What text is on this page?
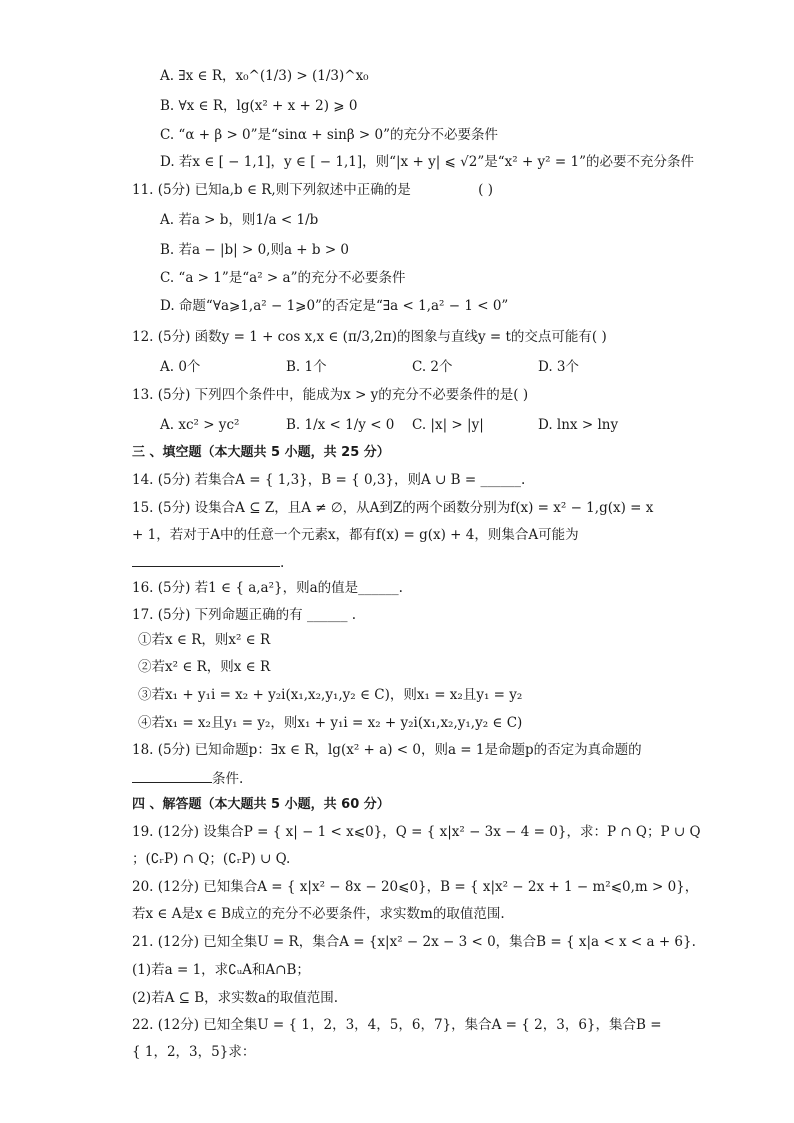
A. ∃x ∈ R，x₀^(1/3) > (1/3)^x₀
B. ∀x ∈ R，lg(x² + x + 2) ⩾ 0
C. “α + β > 0”是“sinα + sinβ > 0”的充分不必要条件
D. 若x ∈ [ − 1,1]，y ∈ [ − 1,1]，则“|x + y| ⩽ √2”是“x² + y² = 1”的必要不充分条件
11. (5分) 已知a,b ∈ R,则下列叙述中正确的是　　　　　( )
A. 若a > b，则1/a < 1/b
B. 若a − |b| > 0,则a + b > 0
C. “a > 1”是“a² > a”的充分不必要条件
D. 命题“∀a⩾1,a² − 1⩾0”的否定是“∃a < 1,a² − 1 < 0”
12. (5分) 函数y = 1 + cos x,x ∈ (π/3,2π)的图象与直线y = t的交点可能有( )
A. 0个	B. 1个	C. 2个	D. 3个
13. (5分) 下列四个条件中，能成为x > y的充分不必要条件的是( )
A. xc² > yc²	B. 1/x < 1/y < 0 C. |x| > |y|	D. lnx > lny
三 、填空题（本大题共 5 小题，共 25 分）
14. (5分) 若集合A = { 1,3}，B = { 0,3}，则A ∪ B = ______.
15. (5分) 设集合A ⊆ Z，且A ≠ ∅，从A到Z的两个函数分别为f(x) = x² − 1,g(x) = x
+ 1，若对于A中的任意一个元素x，都有f(x) = g(x) + 4，则集合A可能为
.
16. (5分) 若1 ∈ { a,a²}，则a的值是______.
17. (5分) 下列命题正确的有 ______ .
①若x ∈ R，则x² ∈ R
②若x² ∈ R，则x ∈ R
③若x₁ + y₁i = x₂ + y₂i(x₁,x₂,y₁,y₂ ∈ C)，则x₁ = x₂且y₁ = y₂
④若x₁ = x₂且y₁ = y₂，则x₁ + y₁i = x₂ + y₂i(x₁,x₂,y₁,y₂ ∈ C)
18. (5分) 已知命题p：∃x ∈ R，lg(x² + a) < 0，则a = 1是命题p的否定为真命题的
条件.
四 、解答题（本大题共 5 小题，共 60 分）
19. (12分) 设集合P = { x| − 1 < x⩽0}，Q = { x|x² − 3x − 4 = 0}，求：P ∩ Q；P ∪ Q
；(∁ᵣP) ∩ Q；(∁ᵣP) ∪ Q.
20. (12分) 已知集合A = { x|x² − 8x − 20⩽0}，B = { x|x² − 2x + 1 − m²⩽0,m > 0}，
若x ∈ A是x ∈ B成立的充分不必要条件，求实数m的取值范围.
21. (12分) 已知全集U = R，集合A = {x|x² − 2x − 3 < 0，集合B = { x|a < x < a + 6}.
(1)若a = 1，求∁ᵤA和A∩B；
(2)若A ⊆ B，求实数a的取值范围.
22. (12分) 已知全集U = { 1，2，3，4，5，6，7}，集合A = { 2，3，6}，集合B =
{ 1，2，3，5}求：
